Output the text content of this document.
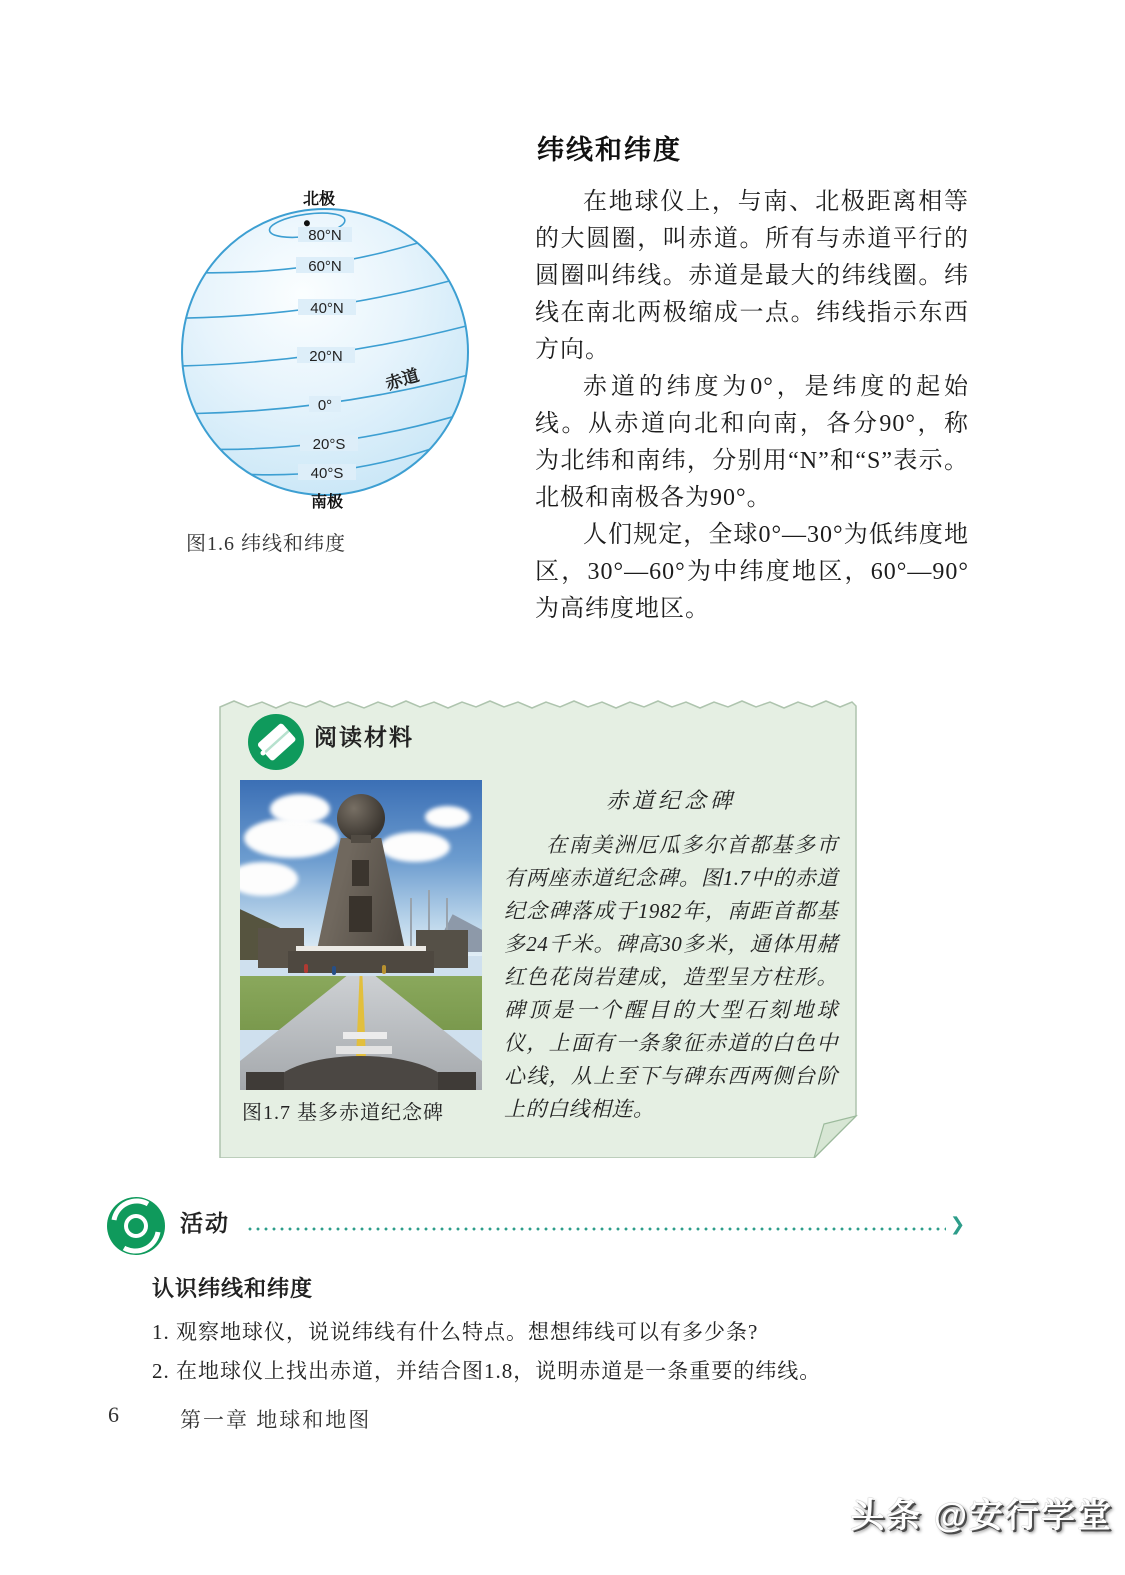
北极
80°N
60°N
40°N
20°N
0°
20°S
40°S
赤道
南极
图1.6 纬线和纬度
纬线和纬度

在地球仪上，与南、北极距离相等的大圆圈，叫赤道。所有与赤道平行的圆圈叫纬线。赤道是最大的纬线圈。纬线在南北两极缩成一点。纬线指示东西方向。

赤道的纬度为0°，是纬度的起始线。从赤道向北和向南，各分90°，称为北纬和南纬，分别用“N”和“S”表示。北极和南极各为90°。

人们规定，全球0°—30°为低纬度地区，30°—60°为中纬度地区，60°—90°为高纬度地区。

阅读材料
图1.7 基多赤道纪念碑

赤道纪念碑

在南美洲厄瓜多尔首都基多市有两座赤道纪念碑。图1.7中的赤道纪念碑落成于1982年，南距首都基多24千米。碑高30多米，通体用赭红色花岗岩建成，造型呈方柱形。碑顶是一个醒目的大型石刻地球仪，上面有一条象征赤道的白色中心线，从上至下与碑东西两侧台阶上的白线相连。

活动	❯
认识纬线和纬度

1. 观察地球仪，说说纬线有什么特点。想想纬线可以有多少条?

2. 在地球仪上找出赤道，并结合图1.8，说明赤道是一条重要的纬线。

6	第一章 地球和地图
头条 @安行学堂
